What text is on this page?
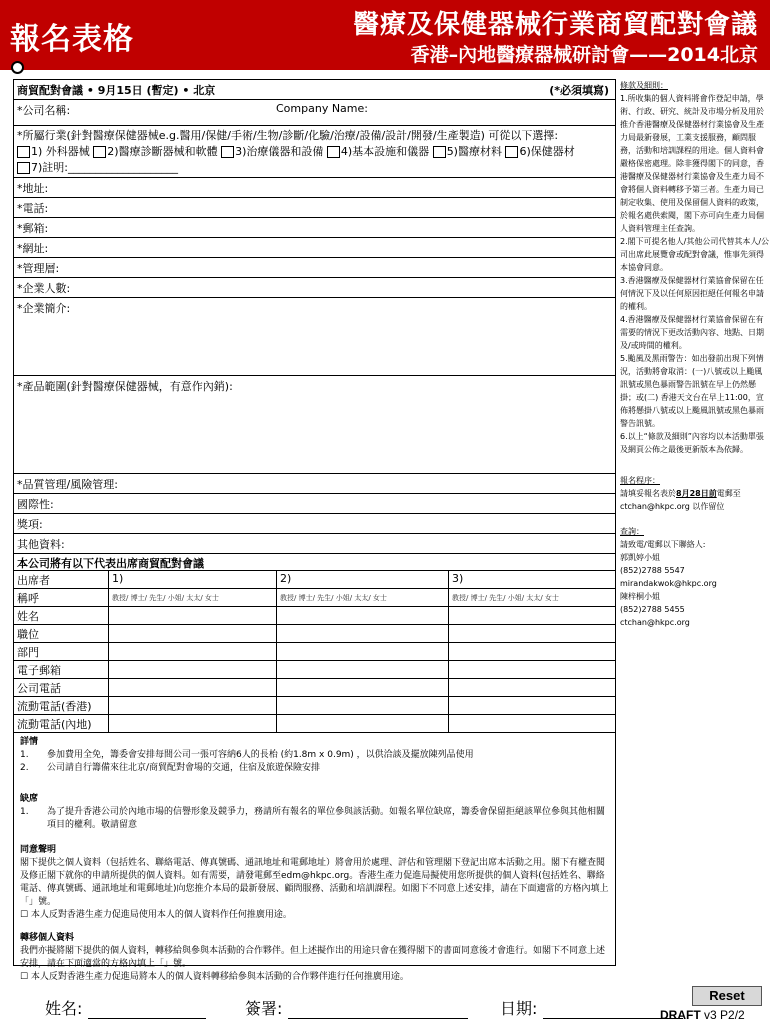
報名表格	醫療及保健器械行業商貿配對會議
香港–內地醫療器械研討會——2014北京
商貿配對會議 • 9月15日 (暫定) • 北京	(*必須填寫)
*公司名稱:	Company Name:
*所屬行業(針對醫療保健器械e.g.醫用/保健/手術/生物/診斷/化驗/治療/設備/設計/開發/生產製造) 可從以下選擇:
1) 外科器械 2)醫療診斷器械和軟體 3)治療儀器和設備 4)基本設施和儀器 5)醫療材料 6)保健器材
7)註明:____________________
*地址:
*電話:
*郵箱:
*網址:
*管理層:
*企業人數:
*企業簡介:
*產品範圍(針對醫療保健器械，有意作內銷):
*品質管理/風險管理:
國際性:
獎項:
其他資料:
本公司將有以下代表出席商貿配對會議
出席者	1)	2)	3)
稱呼	教授/ 博士/ 先生/ 小姐/ 太太/ 女士	教授/ 博士/ 先生/ 小姐/ 太太/ 女士	教授/ 博士/ 先生/ 小姐/ 太太/ 女士
姓名
職位
部門
電子郵箱
公司電話
流動電話(香港)
流動電話(內地)
詳情
1.	參加費用全免，籌委會安排每間公司一張可容納6人的長枱 (約1.8m x 0.9m) ，以供洽談及擺放陳列品使用
2.	公司請自行籌備來往北京/商貿配對會場的交通，住宿及旅遊保險安排
缺席
1.	為了提升香港公司於內地市場的信譽形象及競爭力，務請所有報名的單位參與該活動。如報名單位缺席，籌委會保留拒絕該單位參與其他相關項目的權利。敬請留意
同意聲明
閣下提供之個人資料（包括姓名、聯絡電話、傳真號碼、通訊地址和電郵地址）將會用於處理、評估和管理閣下登記出席本活動之用。閣下有權查閱及修正閣下就你的申請所提供的個人資料。如有需要，請發電郵至edm@hkpc.org。香港生產力促進局擬使用您所提供的個人資料(包括姓名、聯絡電話、傳真號碼、通訊地址和電郵地址)向您推介本局的最新發展、顧問服務、活動和培訓課程。如閣下不同意上述安排，請在下面適當的方格內填上「」號。
☐ 本人反對香港生產力促進局使用本人的個人資料作任何推廣用途。
轉移個人資料
我們亦擬將閣下提供的個人資料，轉移給與參與本活動的合作夥伴。但上述擬作出的用途只會在獲得閣下的書面同意後才會進行。如閣下不同意上述安排，請在下面適當的方格內填上「」號。
☐ 本人反對香港生產力促進局將本人的個人資料轉移給參與本活動的合作夥伴進行任何推廣用途。
條款及細則：
1.所收集的個人資料將會作登記申請，學術、行政、研究、統計及市場分析及用於推介香港醫療及保健器材行業協會及生產力局最新發展，工業支援服務，顧問服務，活動和培訓課程的用途。個人資料會嚴格保密處理。除非獲得閣下的同意，香港醫療及保健器材行業協會及生產力局不會將個人資料轉移予第三者。生產力局已制定收集、使用及保留個人資料的政策，於報名處供索閱，閣下亦可向生產力局個人資料管理主任查詢。
2.閣下可提名他人/其他公司代替其本人/公司出席此展覽會或配對會議，惟事先須得本協會同意。
3.香港醫療及保健器材行業協會保留在任何情況下及以任何原因拒絕任何報名申請的權利。
4.香港醫療及保健器材行業協會保留在有需要的情況下更改活動內容、地點、日期及/或時間的權利。
5.颱風及黑雨警告：如出發前出現下列情況，活動將會取消：(一)八號或以上颱風訊號或黑色暴雨警告訊號在早上仍然懸掛；或(二) 香港天文台在早上11:00，宣佈將懸掛八號或以上颱風訊號或黑色暴雨警告訊號。
6.以上“條款及細則”內容均以本活動單張及網頁公佈之最後更新版本為依歸。
報名程序：
請填妥報名表於8月28日前電郵至ctchan@hkpc.org 以作留位
查詢：
請致電/電郵以下聯絡人:
郭凱婷小姐
(852)2788 5547
mirandakwok@hkpc.org
陳梓桐小姐
(852)2788 5455
ctchan@hkpc.org
姓名:	簽署:	日期:
Reset
DRAFT v3 P2/2
